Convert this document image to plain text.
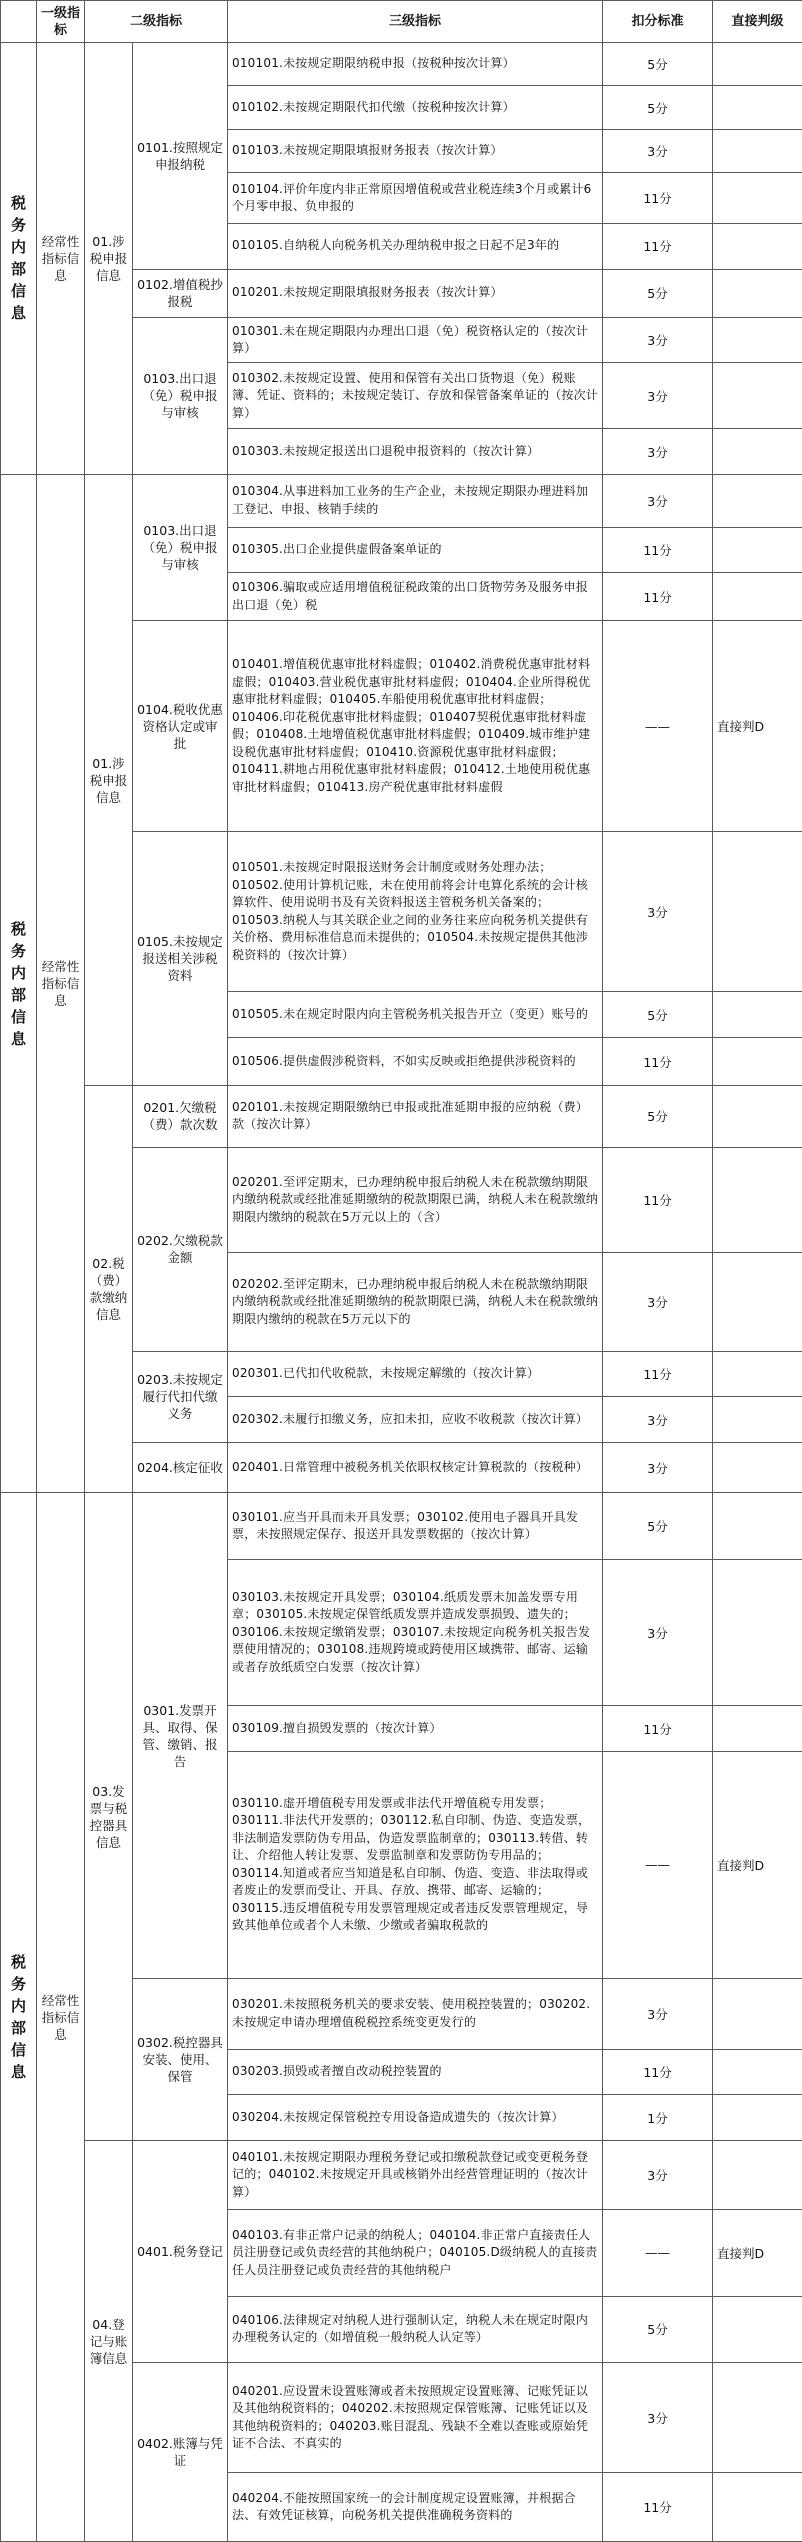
	一级指标	二级指标		三级指标	扣分标准	直接判级
税务内部信息	经常性指标信息	01.涉税申报信息	0101.按照规定申报纳税	010101.未按规定期限纳税申报（按税种按次计算）	5分	
				010102.未按规定期限代扣代缴（按税种按次计算）	5分	
				010103.未按规定期限填报财务报表（按次计算）	3分	
				010104.评价年度内非正常原因增值税或营业税连续3个月或累计6个月零申报、负申报的	11分	
				010105.自纳税人向税务机关办理纳税申报之日起不足3年的	11分	
			0102.增值税抄报税	010201.未按规定期限填报财务报表（按次计算）	5分	
			0103.出口退（免）税申报与审核	010301.未在规定期限内办理出口退（免）税资格认定的（按次计算）	3分	
				010302.未按规定设置、使用和保管有关出口货物退（免）税账簿、凭证、资料的；未按规定装订、存放和保管备案单证的（按次计算）	3分	
				010303.未按规定报送出口退税申报资料的（按次计算）	3分	
税务内部信息	经常性指标信息	01.涉税申报信息	0103.出口退（免）税申报与审核	010304.从事进料加工业务的生产企业，未按规定期限办理进料加工登记、申报、核销手续的	3分	
				010305.出口企业提供虚假备案单证的	11分	
				010306.骗取或应适用增值税征税政策的出口货物劳务及服务申报出口退（免）税	11分	
			0104.税收优惠资格认定或审批	010401.增值税优惠审批材料虚假；010402.消费税优惠审批材料虚假；010403.营业税优惠审批材料虚假；010404.企业所得税优惠审批材料虚假；010405.车船使用税优惠审批材料虚假；010406.印花税优惠审批材料虚假；010407契税优惠审批材料虚假；010408.土地增值税优惠审批材料虚假；010409.城市维护建设税优惠审批材料虚假；010410.资源税优惠审批材料虚假；010411.耕地占用税优惠审批材料虚假；010412.土地使用税优惠审批材料虚假；010413.房产税优惠审批材料虚假	——	直接判D
			0105.未按规定报送相关涉税资料	010501.未按规定时限报送财务会计制度或财务处理办法；010502.使用计算机记账，未在使用前将会计电算化系统的会计核算软件、使用说明书及有关资料报送主管税务机关备案的；010503.纳税人与其关联企业之间的业务往来应向税务机关提供有关价格、费用标准信息而未提供的；010504.未按规定提供其他涉税资料的（按次计算）	3分	
				010505.未在规定时限内向主管税务机关报告开立（变更）账号的	5分	
				010506.提供虚假涉税资料，不如实反映或拒绝提供涉税资料的	11分	
		02.税（费）款缴纳信息	0201.欠缴税（费）款次数	020101.未按规定期限缴纳已申报或批准延期申报的应纳税（费）款（按次计算）	5分	
			0202.欠缴税款金额	020201.至评定期末，已办理纳税申报后纳税人未在税款缴纳期限内缴纳税款或经批准延期缴纳的税款期限已满，纳税人未在税款缴纳期限内缴纳的税款在5万元以上的（含）	11分	
				020202.至评定期末，已办理纳税申报后纳税人未在税款缴纳期限内缴纳税款或经批准延期缴纳的税款期限已满，纳税人未在税款缴纳期限内缴纳的税款在5万元以下的	3分	
			0203.未按规定履行代扣代缴义务	020301.已代扣代收税款，未按规定解缴的（按次计算）	11分	
				020302.未履行扣缴义务，应扣未扣，应收不收税款（按次计算）	3分	
			0204.核定征收	020401.日常管理中被税务机关依职权核定计算税款的（按税种）	3分	
税务内部信息	经常性指标信息	03.发票与税控器具信息	0301.发票开具、取得、保管、缴销、报告	030101.应当开具而未开具发票；030102.使用电子器具开具发票，未按照规定保存、报送开具发票数据的（按次计算）	5分	
				030103.未按规定开具发票；030104.纸质发票未加盖发票专用章；030105.未按规定保管纸质发票并造成发票损毁、遗失的；030106.未按规定缴销发票；030107.未按规定向税务机关报告发票使用情况的；030108.违规跨境或跨使用区域携带、邮寄、运输或者存放纸质空白发票（按次计算）	3分	
				030109.擅自损毁发票的（按次计算）	11分	
				030110.虚开增值税专用发票或非法代开增值税专用发票；030111.非法代开发票的；030112.私自印制、伪造、变造发票，非法制造发票防伪专用品，伪造发票监制章的；030113.转借、转让、介绍他人转让发票、发票监制章和发票防伪专用品的；030114.知道或者应当知道是私自印制、伪造、变造、非法取得或者废止的发票而受让、开具、存放、携带、邮寄、运输的；030115.违反增值税专用发票管理规定或者违反发票管理规定，导致其他单位或者个人未缴、少缴或者骗取税款的	——	直接判D
			0302.税控器具安装、使用、保管	030201.未按照税务机关的要求安装、使用税控装置的；030202.未按规定申请办理增值税税控系统变更发行的	3分	
				030203.损毁或者擅自改动税控装置的	11分	
				030204.未按规定保管税控专用设备造成遗失的（按次计算）	1分	
		04.登记与账簿信息	0401.税务登记	040101.未按规定期限办理税务登记或扣缴税款登记或变更税务登记的；040102.未按规定开具或核销外出经营管理证明的（按次计算）	3分	
				040103.有非正常户记录的纳税人；040104.非正常户直接责任人员注册登记或负责经营的其他纳税户；040105.D级纳税人的直接责任人员注册登记或负责经营的其他纳税户	——	直接判D
				040106.法律规定对纳税人进行强制认定，纳税人未在规定时限内办理税务认定的（如增值税一般纳税人认定等）	5分	
			0402.账簿与凭证	040201.应设置未设置账簿或者未按照规定设置账簿、记账凭证以及其他纳税资料的；040202.未按照规定保管账簿、记账凭证以及其他纳税资料的；040203.账目混乱、残缺不全难以查账或原始凭证不合法、不真实的	3分	
				040204.不能按照国家统一的会计制度规定设置账簿，并根据合法、有效凭证核算，向税务机关提供准确税务资料的	11分	
